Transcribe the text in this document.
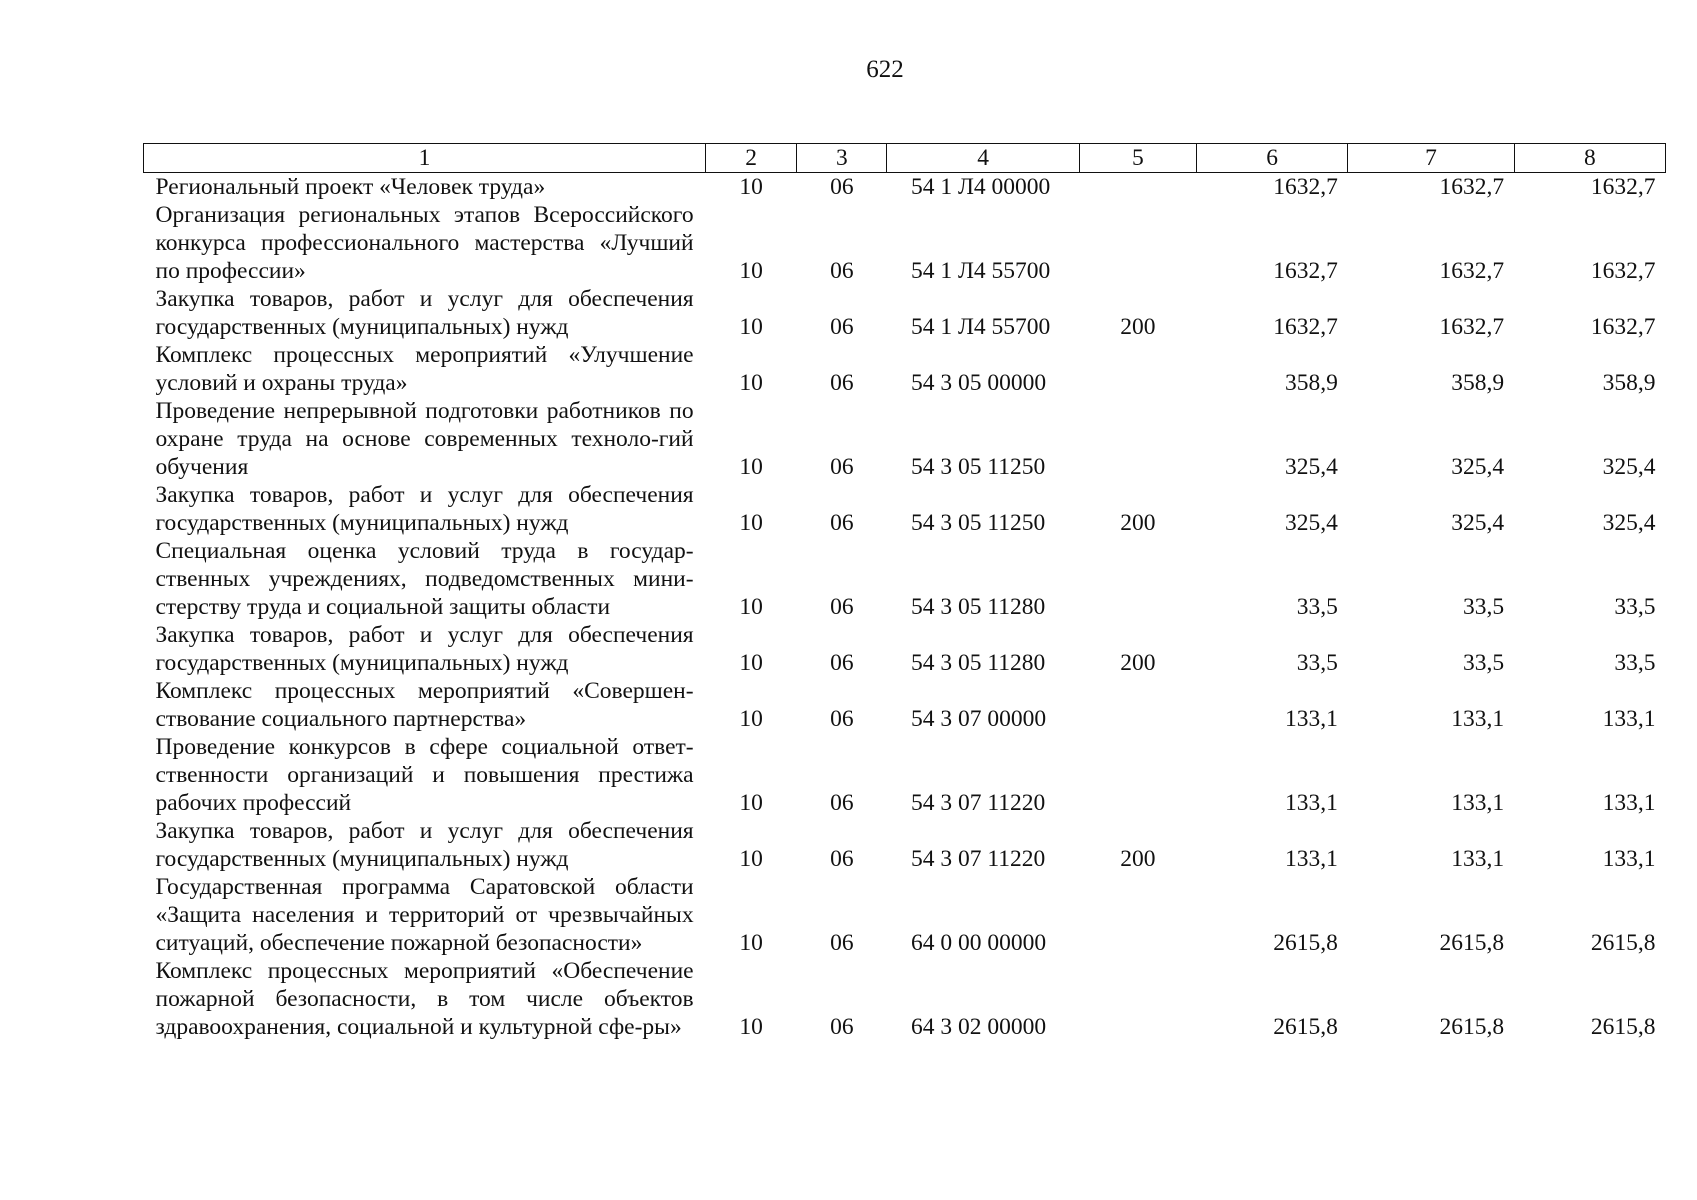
622
1	2	3	4	5	6	7	8
Региональный проект «Человек труда»	10	06	54 1 Л4 00000		1632,7	1632,7	1632,7
Организация региональных этапов Всероссийского конкурса профессионального мастерства «Лучший по профессии»	10	06	54 1 Л4 55700		1632,7	1632,7	1632,7
Закупка товаров, работ и услуг для обеспечения государственных (муниципальных) нужд	10	06	54 1 Л4 55700	200	1632,7	1632,7	1632,7
Комплекс процессных мероприятий «Улучшение условий и охраны труда»	10	06	54 3 05 00000		358,9	358,9	358,9
Проведение непрерывной подготовки работников по охране труда на основе современных техноло-гий обучения	10	06	54 3 05 11250		325,4	325,4	325,4
Закупка товаров, работ и услуг для обеспечения государственных (муниципальных) нужд	10	06	54 3 05 11250	200	325,4	325,4	325,4
Специальная оценка условий труда в государ-ственных учреждениях, подведомственных мини-стерству труда и социальной защиты области	10	06	54 3 05 11280		33,5	33,5	33,5
Закупка товаров, работ и услуг для обеспечения государственных (муниципальных) нужд	10	06	54 3 05 11280	200	33,5	33,5	33,5
Комплекс процессных мероприятий «Совершен-ствование социального партнерства»	10	06	54 3 07 00000		133,1	133,1	133,1
Проведение конкурсов в сфере социальной ответ-ственности организаций и повышения престижа рабочих профессий	10	06	54 3 07 11220		133,1	133,1	133,1
Закупка товаров, работ и услуг для обеспечения государственных (муниципальных) нужд	10	06	54 3 07 11220	200	133,1	133,1	133,1
Государственная программа Саратовской области «Защита населения и территорий от чрезвычайных ситуаций, обеспечение пожарной безопасности»	10	06	64 0 00 00000		2615,8	2615,8	2615,8
Комплекс процессных мероприятий «Обеспечение пожарной безопасности, в том числе объектов здравоохранения, социальной и культурной сфе-ры»	10	06	64 3 02 00000		2615,8	2615,8	2615,8
